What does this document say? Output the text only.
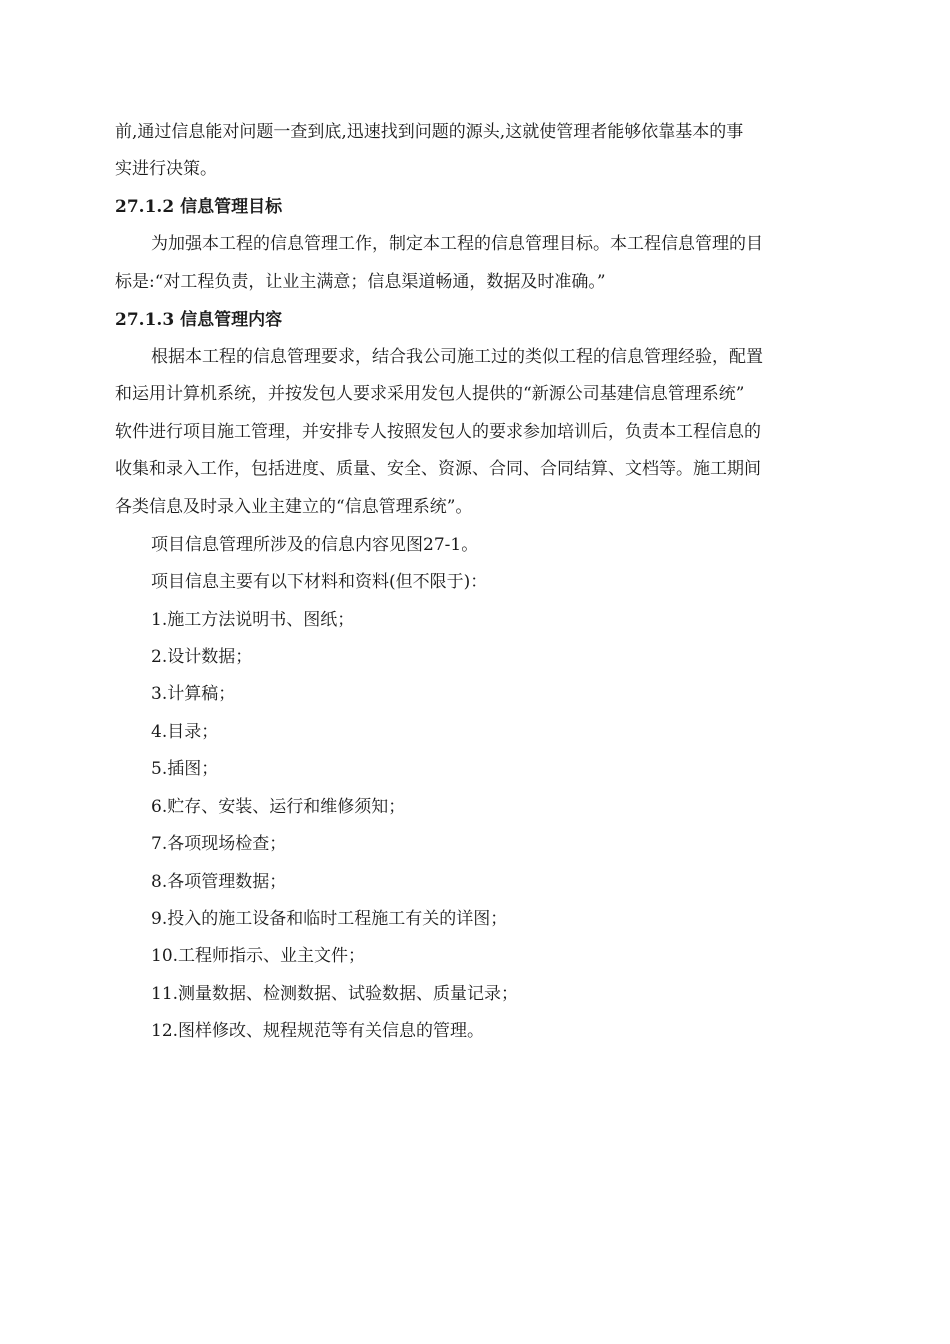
前,通过信息能对问题一查到底,迅速找到问题的源头,这就使管理者能够依靠基本的事
实进行决策。
27.1.2 信息管理目标
为加强本工程的信息管理工作，制定本工程的信息管理目标。本工程信息管理的目
标是:“对工程负责，让业主满意；信息渠道畅通，数据及时准确。”
27.1.3 信息管理内容
根据本工程的信息管理要求，结合我公司施工过的类似工程的信息管理经验，配置
和运用计算机系统，并按发包人要求采用发包人提供的“新源公司基建信息管理系统”
软件进行项目施工管理，并安排专人按照发包人的要求参加培训后，负责本工程信息的
收集和录入工作，包括进度、质量、安全、资源、合同、合同结算、文档等。施工期间
各类信息及时录入业主建立的“信息管理系统”。
项目信息管理所涉及的信息内容见图27-1。
项目信息主要有以下材料和资料(但不限于)：
1.施工方法说明书、图纸；
2.设计数据；
3.计算稿；
4.目录；
5.插图；
6.贮存、安装、运行和维修须知；
7.各项现场检查；
8.各项管理数据；
9.投入的施工设备和临时工程施工有关的详图；
10.工程师指示、业主文件；
11.测量数据、检测数据、试验数据、质量记录；
12.图样修改、规程规范等有关信息的管理。
